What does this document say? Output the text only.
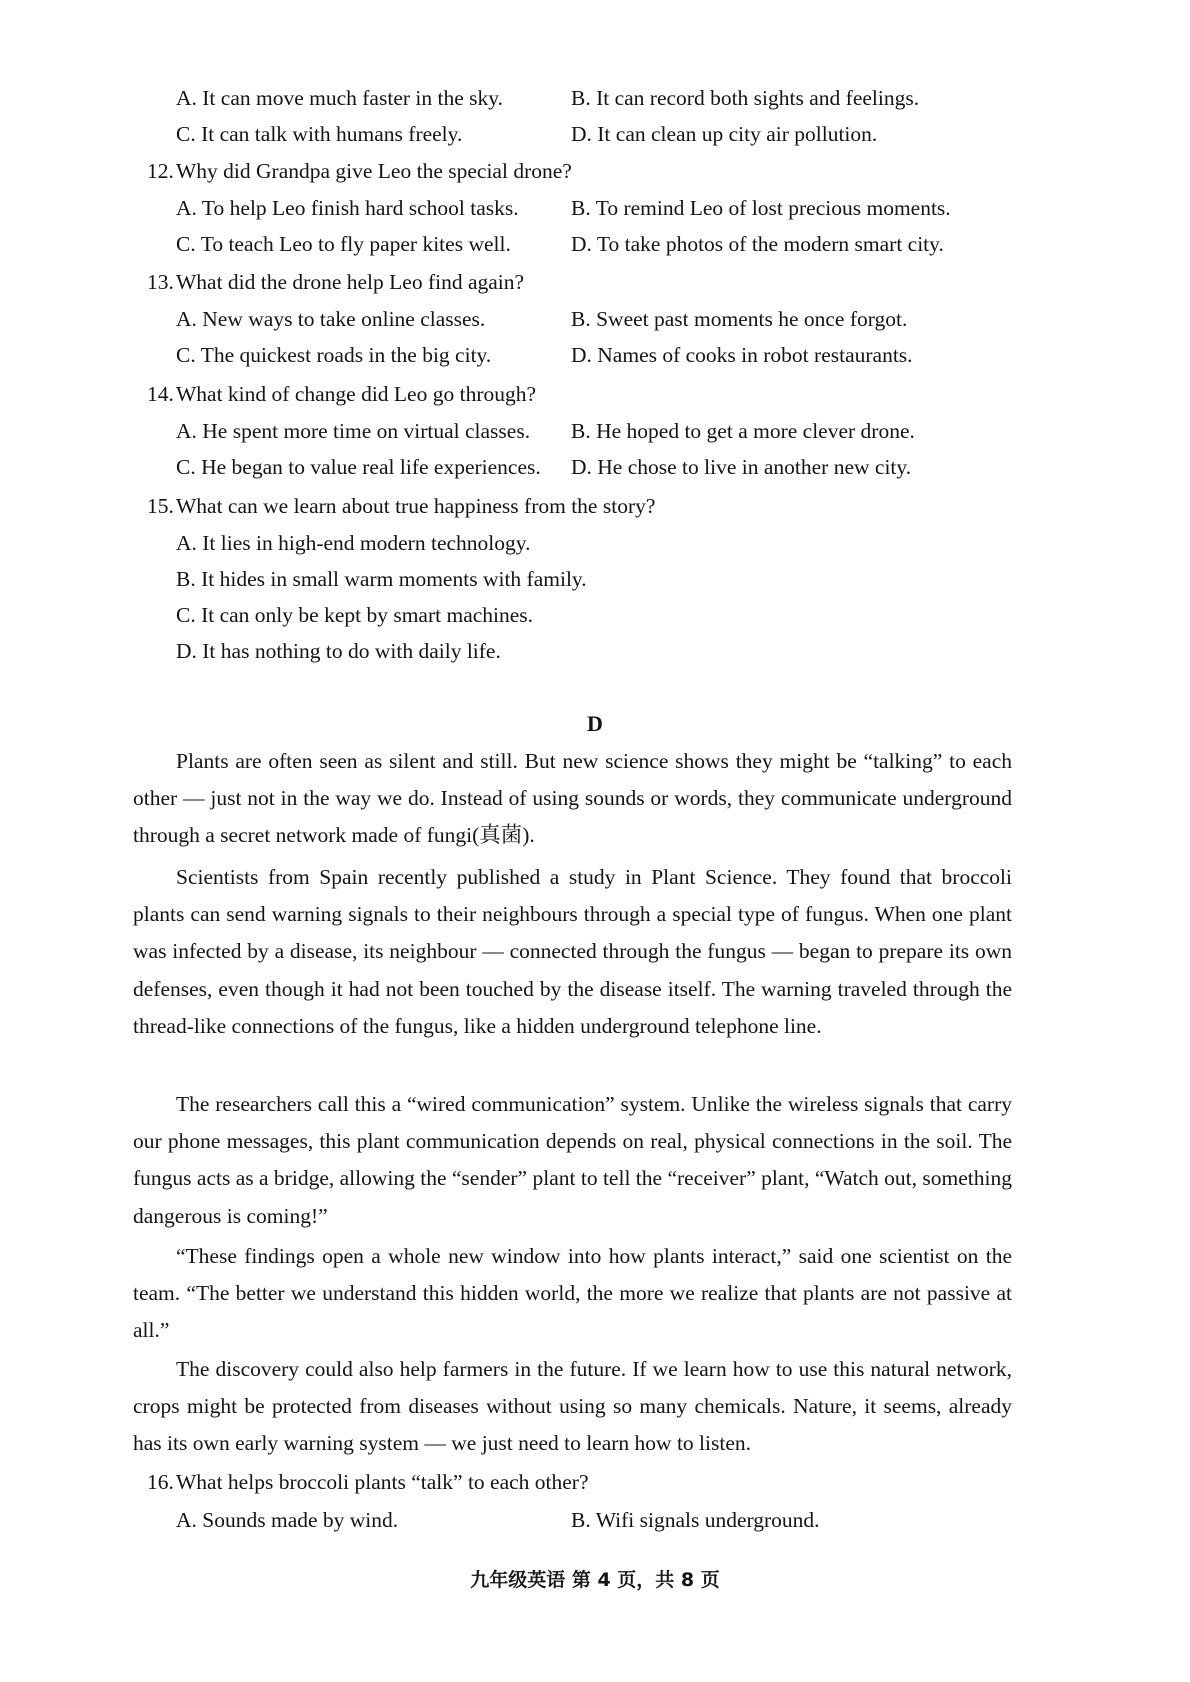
A. It can move much faster in the sky.	B. It can record both sights and feelings.
C. It can talk with humans freely.	D. It can clean up city air pollution.
12.Why did Grandpa give Leo the special drone?
A. To help Leo finish hard school tasks. B. To remind Leo of lost precious moments.
C. To teach Leo to fly paper kites well.	D. To take photos of the modern smart city.
13.What did the drone help Leo find again?
A. New ways to take online classes.	B. Sweet past moments he once forgot.
C. The quickest roads in the big city.	D. Names of cooks in robot restaurants.
14.What kind of change did Leo go through?
A. He spent more time on virtual classes. B. He hoped to get a more clever drone.
C. He began to value real life experiences. D. He chose to live in another new city.
15.What can we learn about true happiness from the story?
A. It lies in high-end modern technology.
B. It hides in small warm moments with family.
C. It can only be kept by smart machines.
D. It has nothing to do with daily life.
D

Plants are often seen as silent and still. But new science shows they might be “talking” to each other — just not in the way we do. Instead of using sounds or words, they communicate underground through a secret network made of fungi(真菌).

Scientists from Spain recently published a study in Plant Science. They found that broccoli plants can send warning signals to their neighbours through a special type of fungus. When one plant was infected by a disease, its neighbour — connected through the fungus — began to prepare its own defenses, even though it had not been touched by the disease itself. The warning traveled through the thread-like connections of the fungus, like a hidden underground telephone line.

The researchers call this a “wired communication” system. Unlike the wireless signals that carry our phone messages, this plant communication depends on real, physical connections in the soil. The fungus acts as a bridge, allowing the “sender” plant to tell the “receiver” plant, “Watch out, something dangerous is coming!”

“These findings open a whole new window into how plants interact,” said one scientist on the team. “The better we understand this hidden world, the more we realize that plants are not passive at all.”

The discovery could also help farmers in the future. If we learn how to use this natural network, crops might be protected from diseases without using so many chemicals. Nature, it seems, already has its own early warning system — we just need to learn how to listen.

16.What helps broccoli plants “talk” to each other?
A. Sounds made by wind.	B. Wifi signals underground.
九年级英语 第 4 页，共 8 页
